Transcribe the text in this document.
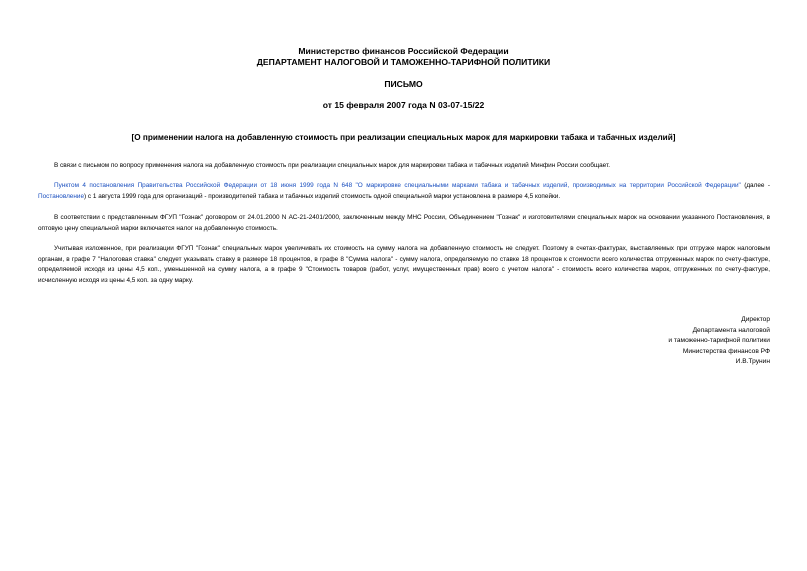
Министерство финансов Российской Федерации
ДЕПАРТАМЕНТ НАЛОГОВОЙ И ТАМОЖЕННО-ТАРИФНОЙ ПОЛИТИКИ
ПИСЬМО
от 15 февраля 2007 года N 03-07-15/22
[О применении налога на добавленную стоимость при реализации специальных марок для маркировки табака и табачных изделий]

В связи с письмом по вопросу применения налога на добавленную стоимость при реализации специальных марок для маркировки табака и табачных изделий Минфин России сообщает.

Пунктом 4 постановления Правительства Российской Федерации от 18 июня 1999 года N 648 "О маркировке специальными марками табака и табачных изделий, производимых на территории Российской Федерации" (далее - Постановление) с 1 августа 1999 года для организаций - производителей табака и табачных изделий стоимость одной специальной марки установлена в размере 4,5 копейки.

В соответствии с представленным ФГУП "Гознак" договором от 24.01.2000 N АС-21-2401/2000, заключенным между МНС России, Объединением "Гознак" и изготовителями специальных марок на основании указанного Постановления, в оптовую цену специальной марки включается налог на добавленную стоимость.

Учитывая изложенное, при реализации ФГУП "Гознак" специальных марок увеличивать их стоимость на сумму налога на добавленную стоимость не следует. Поэтому в счетах-фактурах, выставляемых при отгрузке марок налоговым органам, в графе 7 "Налоговая ставка" следует указывать ставку в размере 18 процентов, в графе 8 "Сумма налога" - сумму налога, определяемую по ставке 18 процентов к стоимости всего количества отгруженных марок по счету-фактуре, определяемой исходя из цены 4,5 коп., уменьшенной на сумму налога, а в графе 9 "Стоимость товаров (работ, услуг, имущественных прав) всего с учетом налога" - стоимость всего количества марок, отгруженных по счету-фактуре, исчисленную исходя из цены 4,5 коп. за одну марку.

Директор
Департамента налоговой
и таможенно-тарифной политики
Министерства финансов РФ
И.В.Трунин
